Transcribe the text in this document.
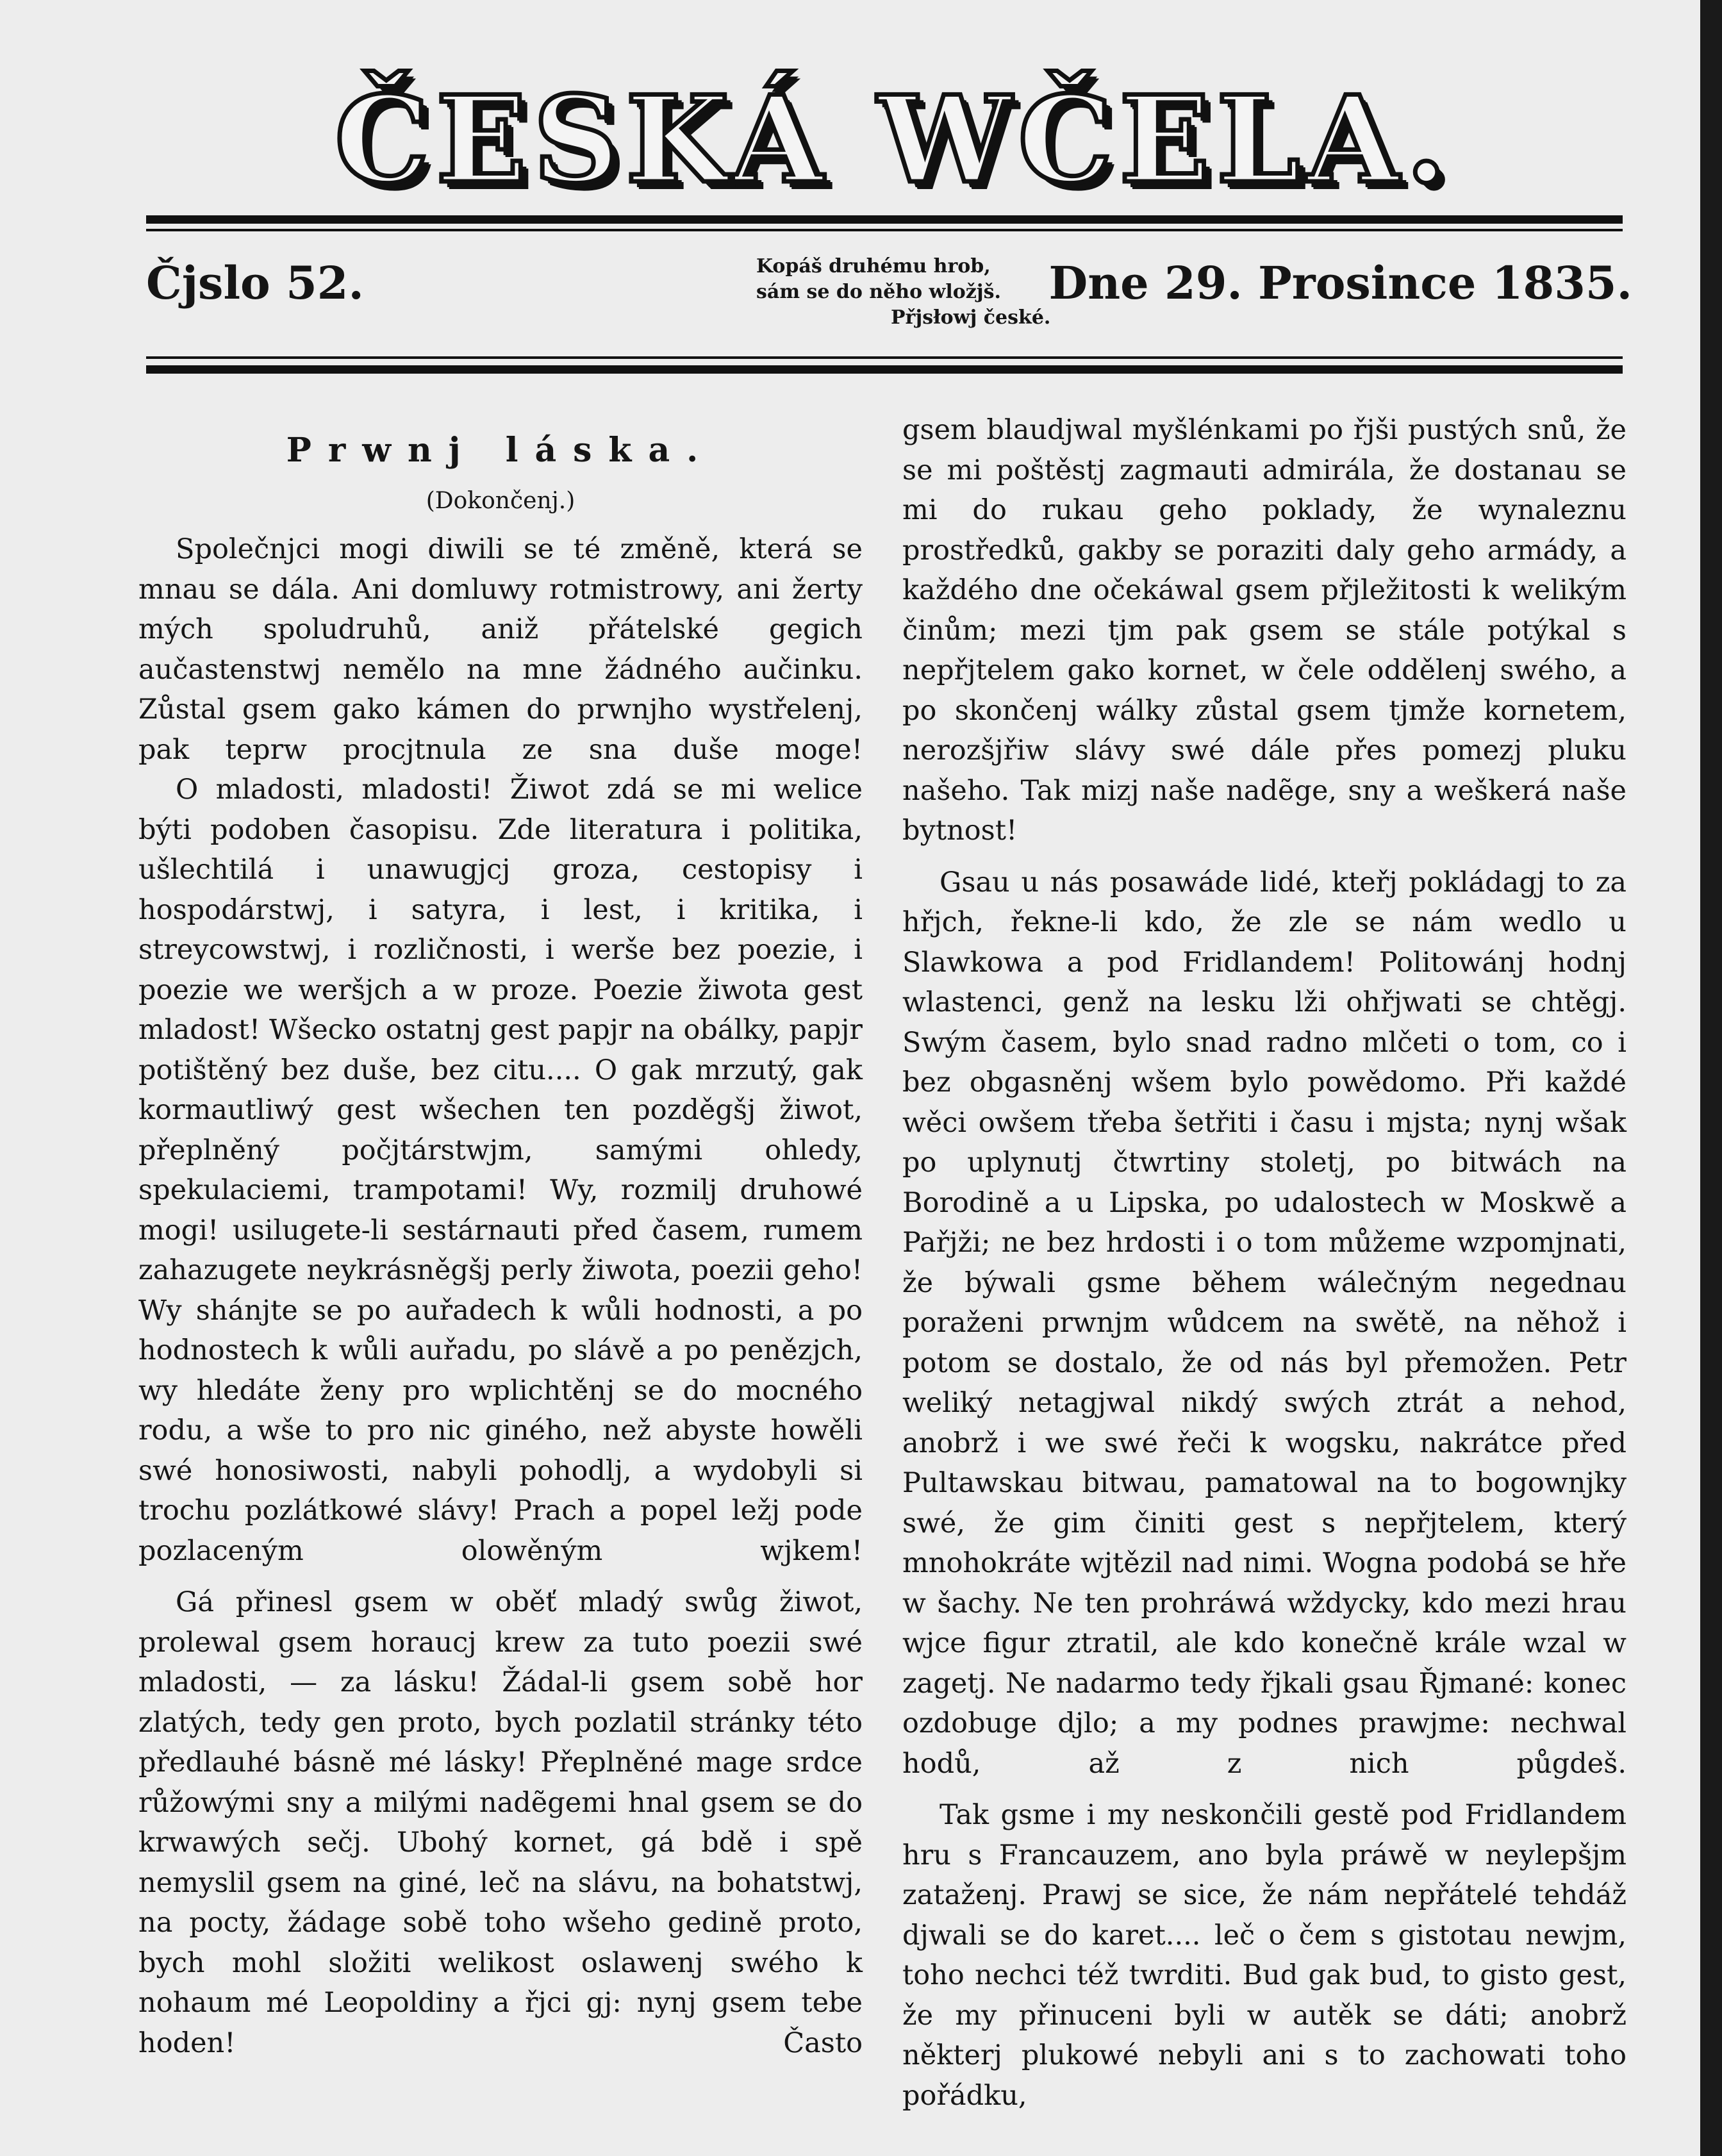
ČESKÁ WČELA.
Čjslo 52.	Kopáš druhému hrob,
sám se do něho wložjš.
Přjsłowj české.
Dne 29. Prosince 1835.

Prwnj láska.

(Dokončenj.)

Společnjci mogi diwili se té změně, která se mnau se dála. Ani domluwy rotmistrowy, ani žerty mých spoludruhů, aniž přátelské gegich aučastenstwj nemělo na mne žádného aučinku. Zůstal gsem gako kámen do prwnjho wystřelenj, pak teprw procjtnula ze sna duše moge!

O mladosti, mladosti! Žiwot zdá se mi welice býti podoben časopisu. Zde literatura i politika, ušlechtilá i unawugjcj groza, cestopisy i hospodárstwj, i satyra, i lest, i kritika, i streycowstwj, i rozličnosti, i werše bez poezie, i poezie we weršjch a w proze. Poezie žiwota gest mladost! Wšecko ostatnj gest papjr na obálky, papjr potištěný bez duše, bez citu.... O gak mrzutý, gak kormautliwý gest wšechen ten pozděgšj žiwot, přeplněný počjtárstwjm, samými ohledy, spekulaciemi, trampotami! Wy, rozmilj druhowé mogi! usilugete-li sestárnauti před časem, rumem zahazugete neykrásněgšj perly žiwota, poezii geho! Wy shánjte se po auřadech k wůli hodnosti, a po hodnostech k wůli auřadu, po slávě a po penězjch, wy hledáte ženy pro wplichtěnj se do mocného rodu, a wše to pro nic giného, než abyste howěli swé honosiwosti, nabyli pohodlj, a wydobyli si trochu pozlátkowé slávy! Prach a popel ležj pode pozlaceným olowěným wjkem!

Gá přinesl gsem w oběť mladý swůg žiwot, prolewal gsem horaucj krew za tuto poezii swé mladosti, — za lásku! Žádal-li gsem sobě hor zlatých, tedy gen proto, bych pozlatil stránky této předlauhé básně mé lásky! Přeplněné mage srdce růžowými sny a milými nadẽgemi hnal gsem se do krwawých sečj. Ubohý kornet, gá bdě i spě nemyslil gsem na giné, leč na slávu, na bohatstwj, na pocty, žádage sobě toho wšeho gedině proto, bych mohl složiti welikost oslawenj swého k nohaum mé Leopoldiny a řjci gj: nynj gsem tebe hoden! Často

gsem blaudjwal myšlénkami po řjši pustých snů, že se mi poštěstj zagmauti admirála, že dostanau se mi do rukau geho poklady, že wynaleznu prostředků, gakby se poraziti daly geho armády, a každého dne očekáwal gsem přjležitosti k welikým činům; mezi tjm pak gsem se stále potýkal s nepřjtelem gako kornet, w čele oddělenj swého, a po skončenj wálky zůstal gsem tjmže kornetem, nerozšjřiw slávy swé dále přes pomezj pluku našeho. Tak mizj naše nadẽge, sny a weškerá naše bytnost!

Gsau u nás posawáde lidé, kteřj pokládagj to za hřjch, řekne-li kdo, že zle se nám wedlo u Slawkowa a pod Fridlandem! Politowánj hodnj wlastenci, genž na lesku lži ohřjwati se chtěgj. Swým časem, bylo snad radno mlčeti o tom, co i bez obgasněnj wšem bylo powědomo. Při každé wěci owšem třeba šetřiti i času i mjsta; nynj wšak po uplynutj čtwrtiny stoletj, po bitwách na Borodině a u Lipska, po udalostech w Moskwě a Pařjži; ne bez hrdosti i o tom můžeme wzpomjnati, že býwali gsme během wálečným negednau poraženi prwnjm wůdcem na swětě, na něhož i potom se dostalo, že od nás byl přemožen. Petr weliký netagjwal nikdý swých ztrát a nehod, anobrž i we swé řeči k wogsku, nakrátce před Pultawskau bitwau, pamatowal na to bogownjky swé, že gim činiti gest s nepřjtelem, který mnohokráte wjtězil nad nimi. Wogna podobá se hře w šachy. Ne ten prohráwá wždycky, kdo mezi hrau wjce figur ztratil, ale kdo konečně krále wzal w zagetj. Ne nadarmo tedy řjkali gsau Řjmané: konec ozdobuge djlo; a my podnes prawjme: nechwal hodů, až z nich půgdeš.

Tak gsme i my neskončili gestě pod Fridlandem hru s Francauzem, ano byla práwě w neylepšjm zataženj. Prawj se sice, že nám nepřátelé tehdáž djwali se do karet.... leč o čem s gistotau newjm, toho nechci též twrditi. Bud gak bud, to gisto gest, že my přinuceni byli w autěk se dáti; anobrž některj plukowé nebyli ani s to zachowati toho pořádku,
